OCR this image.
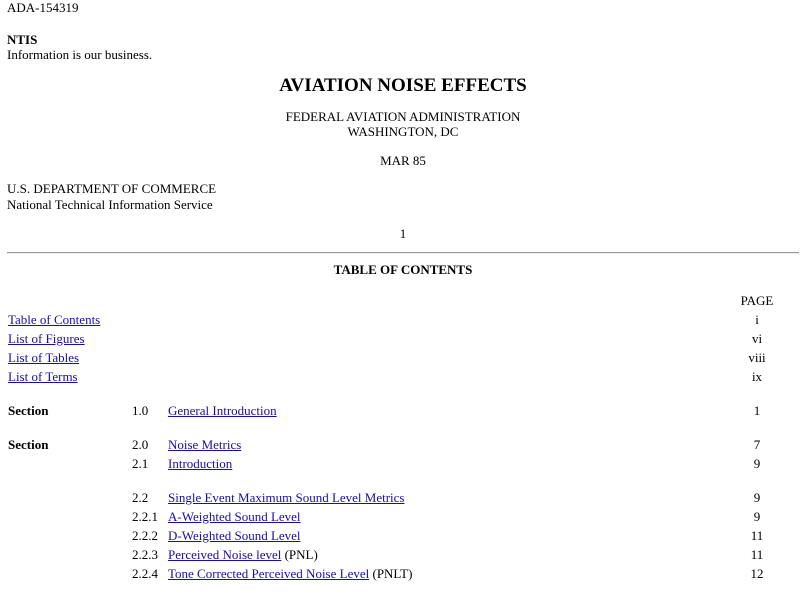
ADA-154319
NTIS
Information is our business.
AVIATION NOISE EFFECTS
FEDERAL AVIATION ADMINISTRATION
WASHINGTON, DC
MAR 85
U.S. DEPARTMENT OF COMMERCE
National Technical Information Service
1
TABLE OF CONTENTS
			PAGE
Table of Contents			i
List of Figures			vi
List of Tables			viii
List of Terms			ix

Section	1.0	General Introduction	1

Section	2.0	Noise Metrics	7
	2.1	Introduction	9

	2.2	Single Event Maximum Sound Level Metrics	9
	2.2.1	A-Weighted Sound Level	9
	2.2.2	D-Weighted Sound Level	11
	2.2.3	Perceived Noise level (PNL)	11
	2.2.4	Tone Corrected Perceived Noise Level (PNLT)	12
